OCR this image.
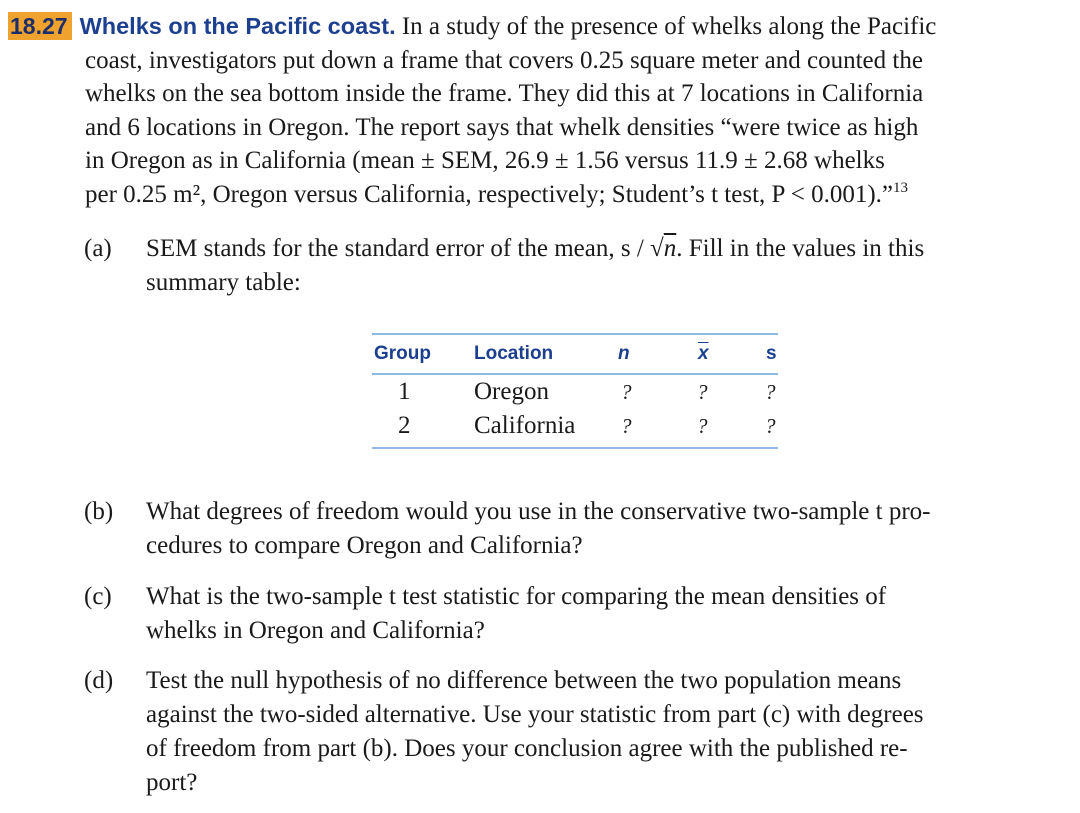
18.27 Whelks on the Pacific coast. In a study of the presence of whelks along the Pacific
coast, investigators put down a frame that covers 0.25 square meter and counted the
whelks on the sea bottom inside the frame. They did this at 7 locations in California
and 6 locations in Oregon. The report says that whelk densities “were twice as high
in Oregon as in California (mean ± SEM, 26.9 ± 1.56 versus 11.9 ± 2.68 whelks
per 0.25 m², Oregon versus California, respectively; Student’s t test, P < 0.001).”$^{13}$
(a)	SEM stands for the standard error of the mean, s / √n. Fill in the values in this
summary table:
Group Location	n	$\overline{x}$	s
1	Oregon	?	?	?
2	California ?	?	?
(b)	What degrees of freedom would you use in the conservative two-sample t pro-
cedures to compare Oregon and California?
(c)	What is the two-sample t test statistic for comparing the mean densities of
whelks in Oregon and California?
(d)	Test the null hypothesis of no difference between the two population means
against the two-sided alternative. Use your statistic from part (c) with degrees
of freedom from part (b). Does your conclusion agree with the published re-
port?
